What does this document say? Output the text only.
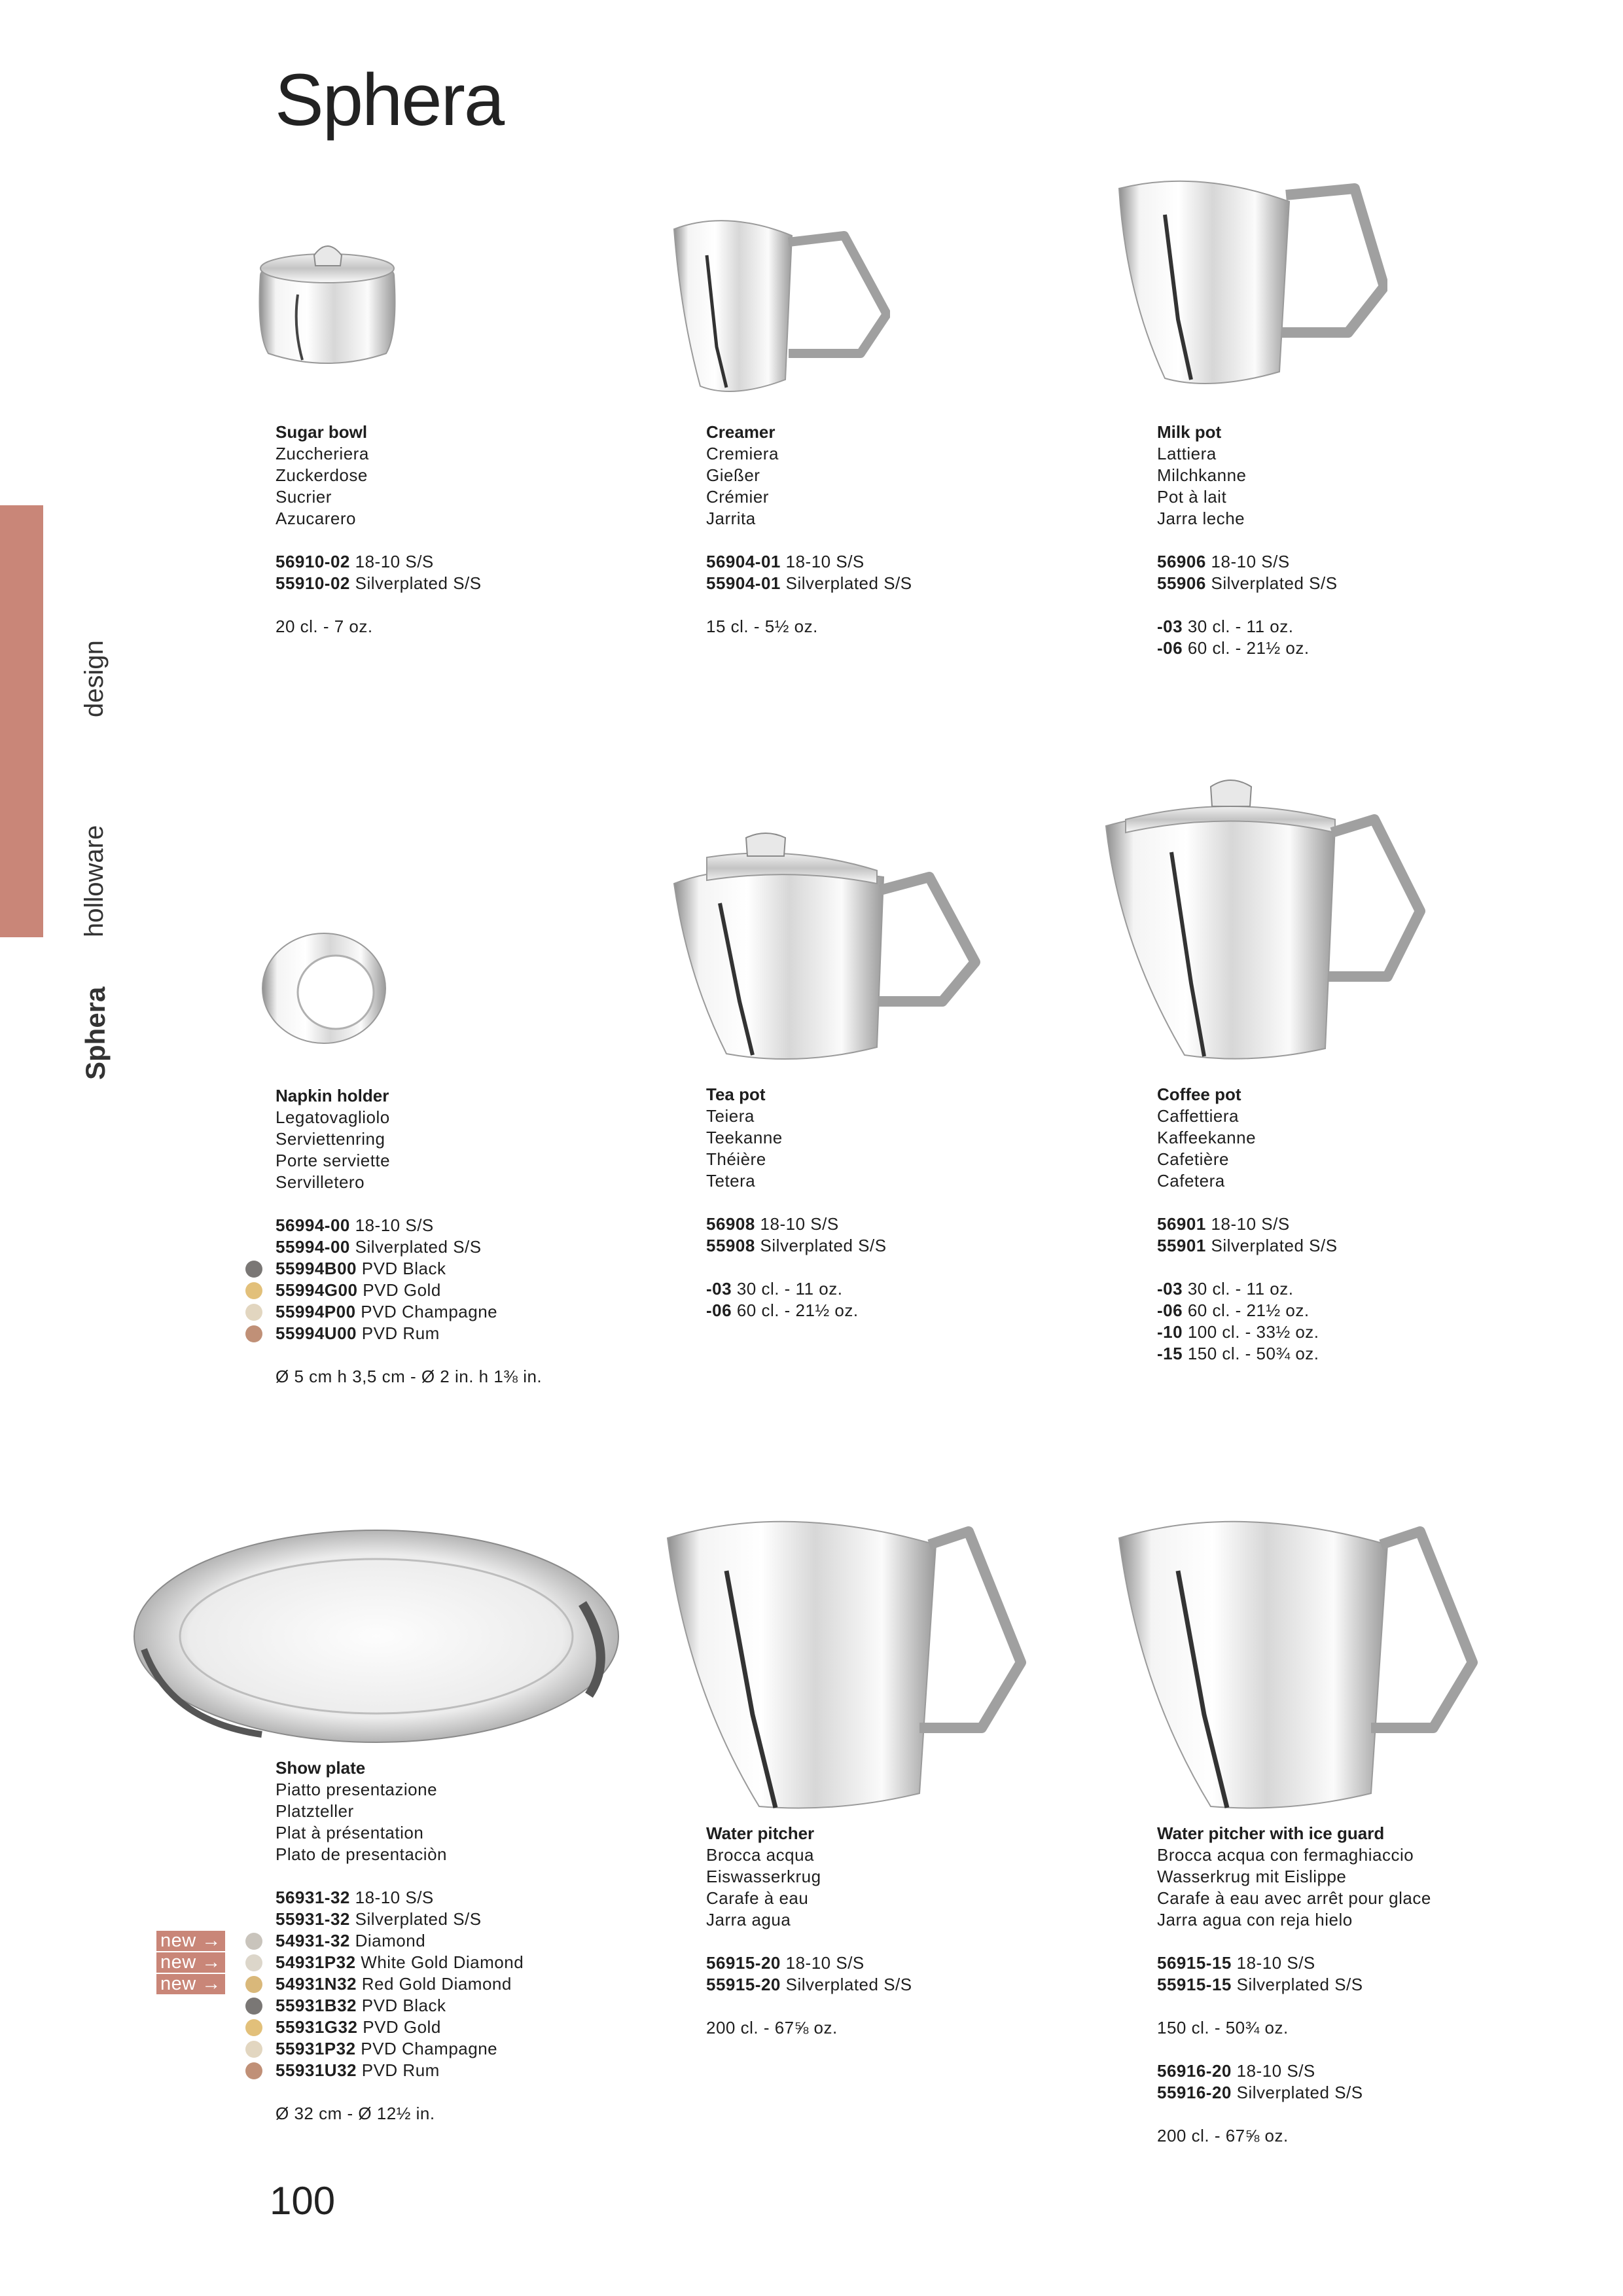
Sphera
Sphera
holloware
design
100
Sugar bowl
Zuccheriera
Zuckerdose
Sucrier
Azucarero
56910-02 18-10 S/S
55910-02 Silverplated S/S
20 cl. - 7 oz.
Creamer
Cremiera
Gießer
Crémier
Jarrita
56904-01 18-10 S/S
55904-01 Silverplated S/S
15 cl. - 5½ oz.
Milk pot
Lattiera
Milchkanne
Pot à lait
Jarra leche
56906 18-10 S/S
55906 Silverplated S/S
-03 30 cl. - 11 oz.
-06 60 cl. - 21½ oz.
Napkin holder
Legatovagliolo
Serviettenring
Porte serviette
Servilletero
56994-00 18-10 S/S
55994-00 Silverplated S/S
55994B00 PVD Black
55994G00 PVD Gold
55994P00 PVD Champagne
55994U00 PVD Rum
Ø 5 cm h 3,5 cm - Ø 2 in. h 1⅜ in.
Tea pot
Teiera
Teekanne
Théière
Tetera
56908 18-10 S/S
55908 Silverplated S/S
-03 30 cl. - 11 oz.
-06 60 cl. - 21½ oz.
Coffee pot
Caffettiera
Kaffeekanne
Cafetière
Cafetera
56901 18-10 S/S
55901 Silverplated S/S
-03 30 cl. - 11 oz.
-06 60 cl. - 21½ oz.
-10 100 cl. - 33½ oz.
-15 150 cl. - 50¾ oz.
Show plate
Piatto presentazione
Platzteller
Plat à présentation
Plato de presentaciòn
56931-32 18-10 S/S
55931-32 Silverplated S/S
new →	54931-32 Diamond
new →	54931P32 White Gold Diamond
new →	54931N32 Red Gold Diamond
55931B32 PVD Black
55931G32 PVD Gold
55931P32 PVD Champagne
55931U32 PVD Rum
Ø 32 cm - Ø 12½ in.
Water pitcher
Brocca acqua
Eiswasserkrug
Carafe à eau
Jarra agua
56915-20 18-10 S/S
55915-20 Silverplated S/S
200 cl. - 67⅝ oz.
Water pitcher with ice guard
Brocca acqua con fermaghiaccio
Wasserkrug mit Eislippe
Carafe à eau avec arrêt pour glace
Jarra agua con reja hielo
56915-15 18-10 S/S
55915-15 Silverplated S/S
150 cl. - 50¾ oz.
56916-20 18-10 S/S
55916-20 Silverplated S/S
200 cl. - 67⅝ oz.
